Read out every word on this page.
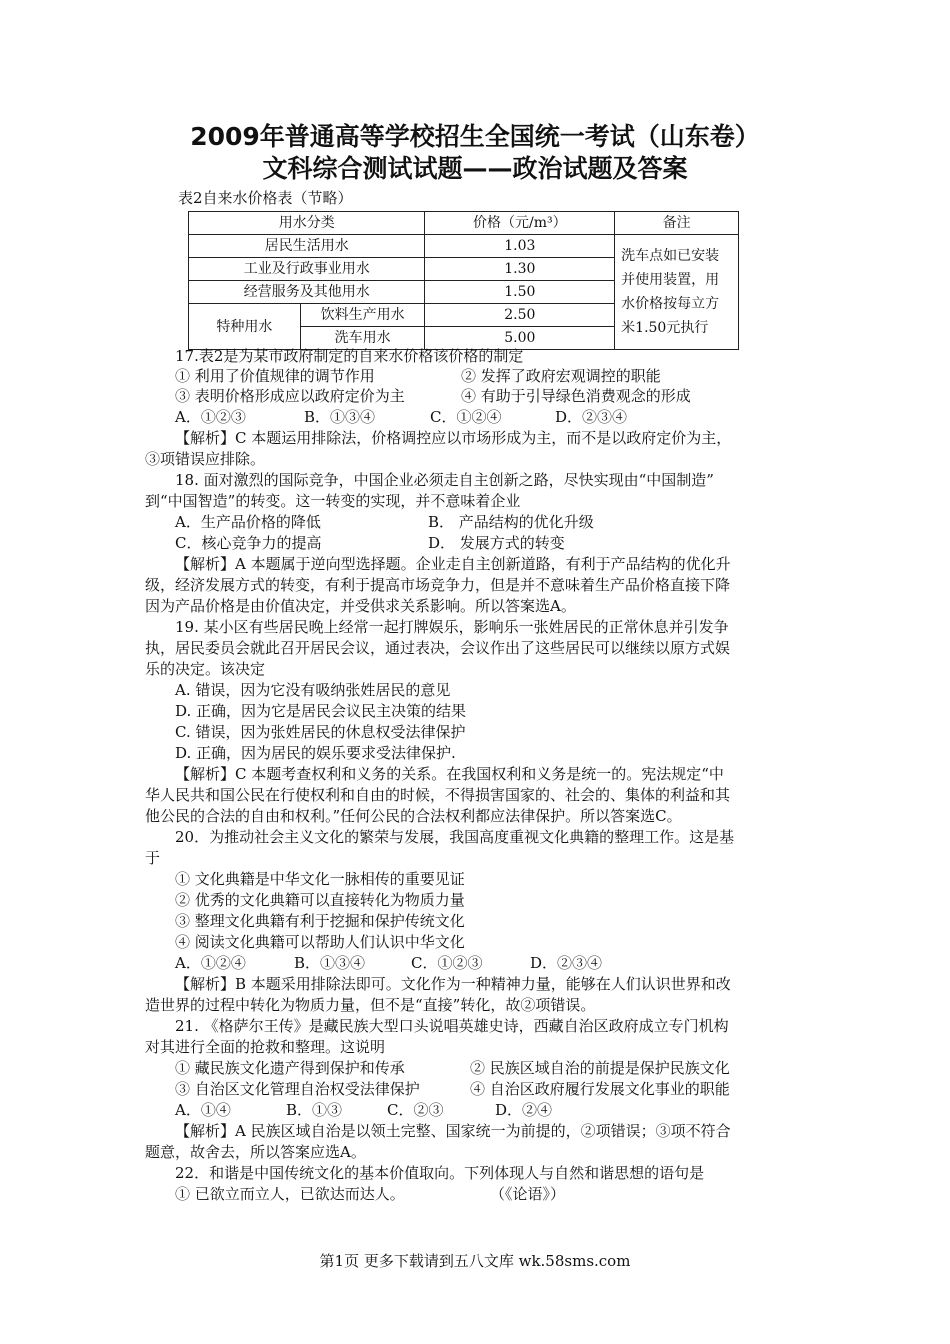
2009年普通高等学校招生全国统一考试（山东卷）
文科综合测试试题——政治试题及答案
表2自来水价格表（节略）
用水分类		价格（元/m³）	备注
居民生活用水		1.03	洗车点如已安装并使用装置，用水价格按每立方米1.50元执行
工业及行政事业用水		1.30	
经营服务及其他用水		1.50	
特种用水	饮料生产用水	2.50	
	洗车用水	5.00	
17.表2是为某市政府制定的自来水价格该价格的制定
① 利用了价值规律的调节作用	② 发挥了政府宏观调控的职能
③ 表明价格形成应以政府定价为主	④ 有助于引导绿色消费观念的形成
A．①②③	B．①③④	C．①②④	D．②③④
【解析】C 本题运用排除法，价格调控应以市场形成为主，而不是以政府定价为主，
③项错误应排除。
18. 面对激烈的国际竞争，中国企业必须走自主创新之路，尽快实现由“中国制造”
到“中国智造”的转变。这一转变的实现，并不意味着企业
A．生产品价格的降低	B． 产品结构的优化升级
C．核心竞争力的提高	D． 发展方式的转变
【解析】A 本题属于逆向型选择题。企业走自主创新道路，有利于产品结构的优化升
级，经济发展方式的转变，有利于提高市场竞争力，但是并不意味着生产品价格直接下降
因为产品价格是由价值决定，并受供求关系影响。所以答案选A。
19. 某小区有些居民晚上经常一起打牌娱乐，影响乐一张姓居民的正常休息并引发争
执，居民委员会就此召开居民会议，通过表决，会议作出了这些居民可以继续以原方式娱
乐的决定。该决定
A. 错误，因为它没有吸纳张姓居民的意见
D. 正确，因为它是居民会议民主决策的结果
C. 错误，因为张姓居民的休息权受法律保护
D. 正确，因为居民的娱乐要求受法律保护.
【解析】C 本题考查权利和义务的关系。在我国权利和义务是统一的。宪法规定“中
华人民共和国公民在行使权利和自由的时候，不得损害国家的、社会的、集体的利益和其
他公民的合法的自由和权利。”任何公民的合法权利都应法律保护。所以答案选C。
20．为推动社会主义文化的繁荣与发展，我国高度重视文化典籍的整理工作。这是基
于
① 文化典籍是中华文化一脉相传的重要见证
② 优秀的文化典籍可以直接转化为物质力量
③ 整理文化典籍有利于挖掘和保护传统文化
④ 阅读文化典籍可以帮助人们认识中华文化
A．①②④	B．①③④	C．①②③	D．②③④
【解析】B 本题采用排除法即可。文化作为一种精神力量，能够在人们认识世界和改
造世界的过程中转化为物质力量，但不是“直接”转化，故②项错误。
21. 《格萨尔王传》是藏民族大型口头说唱英雄史诗，西藏自治区政府成立专门机构
对其进行全面的抢救和整理。这说明
① 藏民族文化遗产得到保护和传承	② 民族区域自治的前提是保护民族文化
③ 自治区文化管理自治权受法律保护	④ 自治区政府履行发展文化事业的职能
A．①④	B．①③	C．②③	D．②④
【解析】A 民族区域自治是以领土完整、国家统一为前提的，②项错误；③项不符合
题意，故舍去，所以答案应选A。
22．和谐是中国传统文化的基本价值取向。下列体现人与自然和谐思想的语句是
① 已欲立而立人，已欲达而达人。	（《论语》）
第1页 更多下载请到五八文库 wk.58sms.com
